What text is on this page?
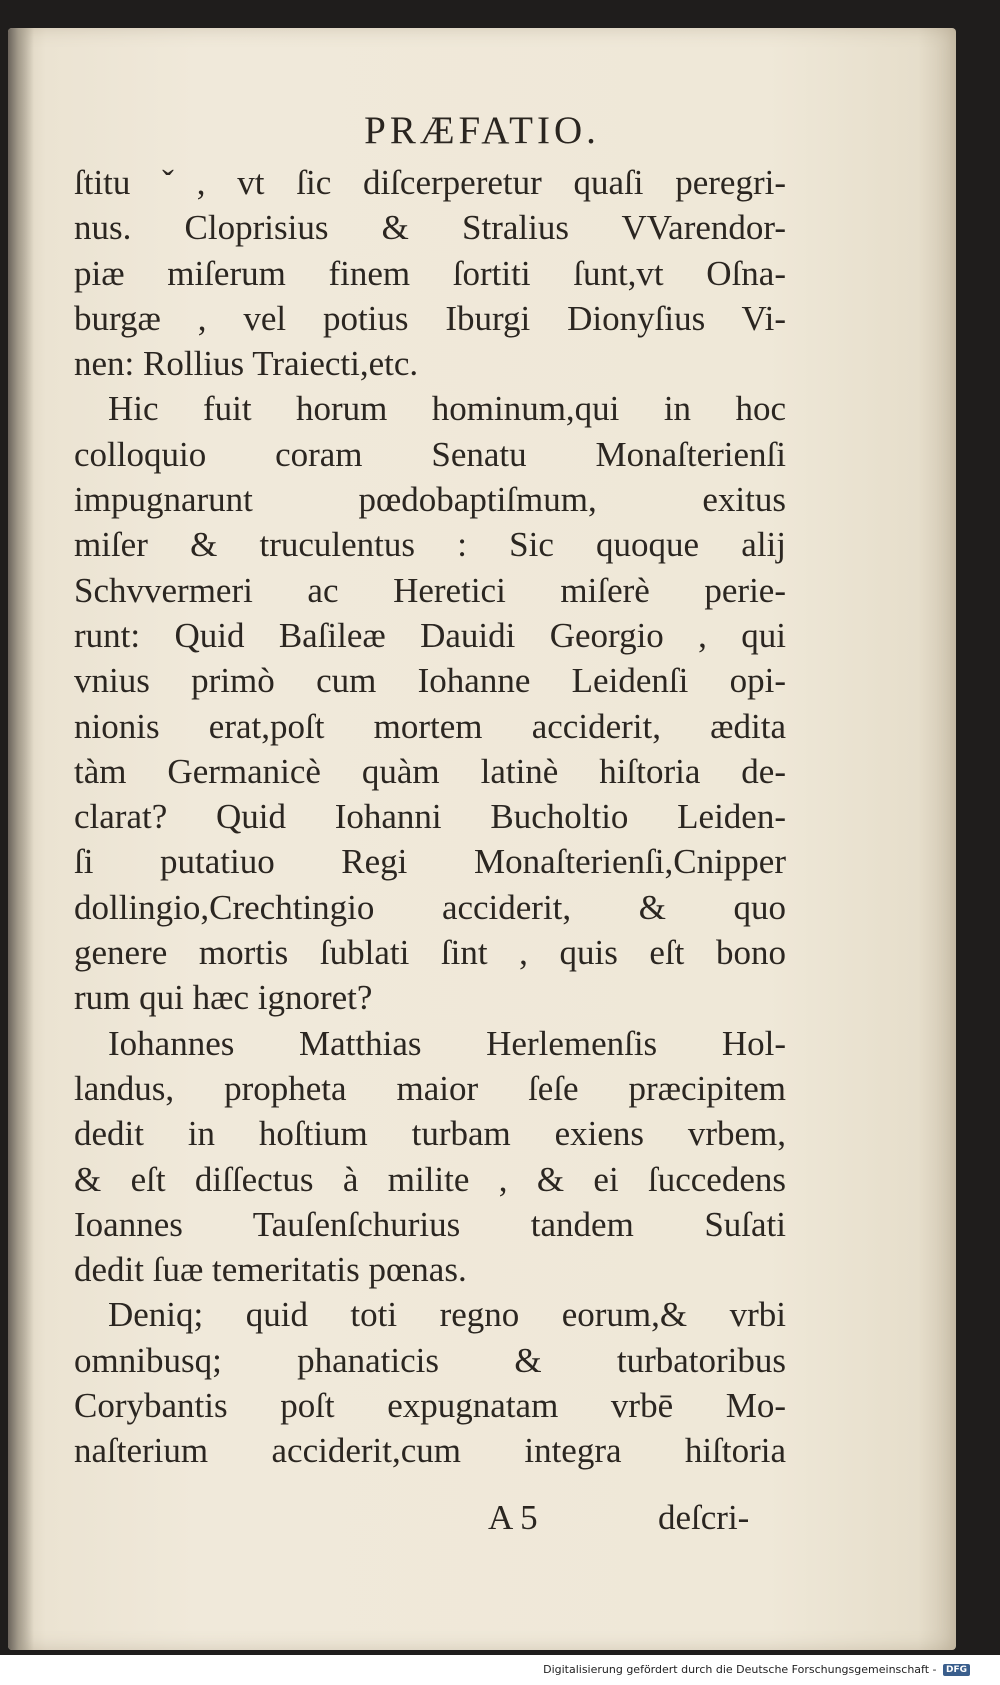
PRÆFATIO.
ſtitu ˇ, vt ſic diſcerperetur quaſi peregri-
nus. Cloprisius & Stralius VVarendor-
piæ miſerum finem ſortiti ſunt,vt Oſna-
burgæ , vel potius Iburgi Dionyſius Vi-
nen: Rollius Traiecti,etc.
Hic fuit horum hominum,qui in hoc
colloquio coram Senatu Monaſterienſi
impugnarunt pœdobaptiſmum, exitus
miſer & truculentus : Sic quoque alij
Schvvermeri ac Heretici miſerè perie-
runt: Quid Baſileæ Dauidi Georgio , qui
vnius primò cum Iohanne Leidenſi opi-
nionis erat,poſt mortem acciderit, ædita
tàm Germanicè quàm latinè hiſtoria de-
clarat? Quid Iohanni Bucholtio Leiden-
ſi putatiuo Regi Monaſterienſi,Cnipper
dollingio,Crechtingio acciderit, & quo
genere mortis ſublati ſint , quis eſt bono
rum qui hæc ignoret?
Iohannes Matthias Herlemenſis Hol-
landus, propheta maior ſeſe præcipitem
dedit in hoſtium turbam exiens vrbem,
& eſt diſſectus à milite , & ei ſuccedens
Ioannes Tauſenſchurius tandem Suſati
dedit ſuæ temeritatis pœnas.
Deniq; quid toti regno eorum,& vrbi
omnibusq; phanaticis & turbatoribus
Corybantis poſt expugnatam vrbē Mo-
naſterium acciderit,cum integra hiſtoria
A 5	deſcri-
Digitalisierung gefördert durch die Deutsche Forschungsgemeinschaft - DFG
